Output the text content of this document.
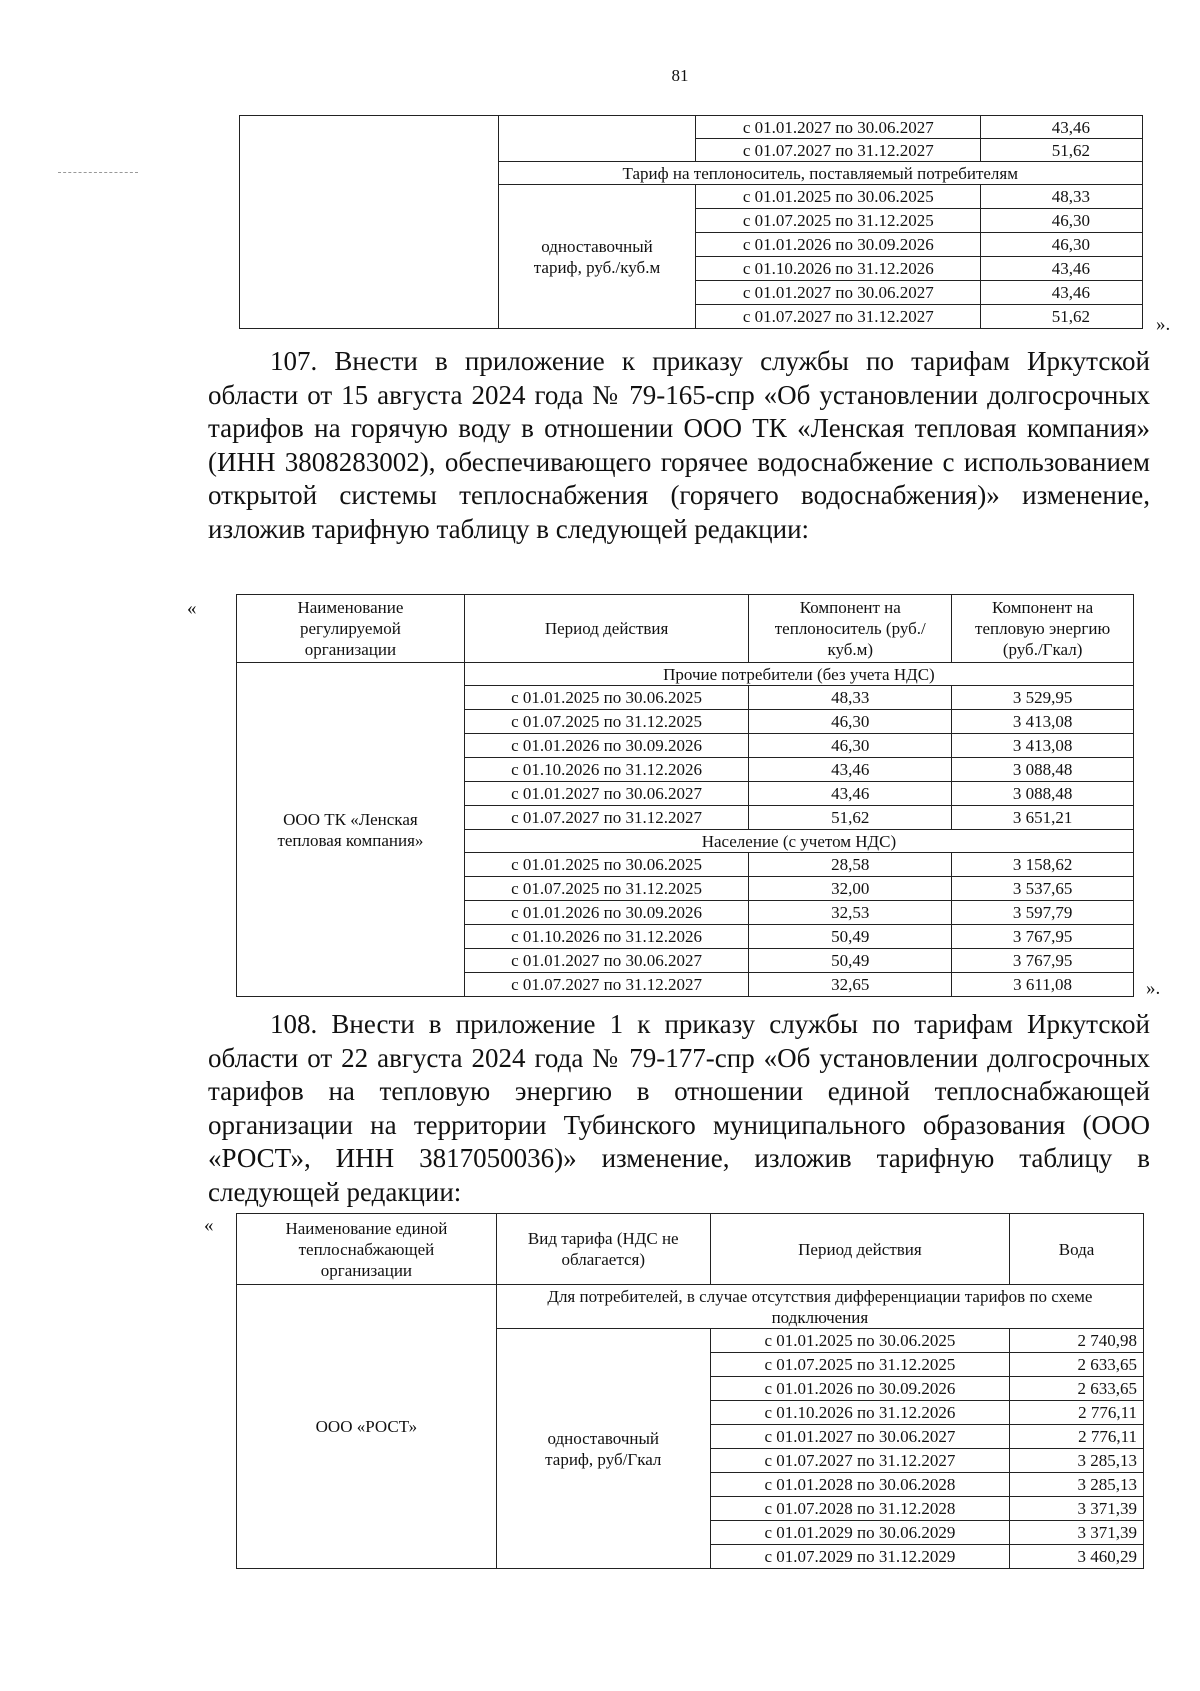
81
		с 01.01.2027 по 30.06.2027	43,46
		с 01.07.2027 по 31.12.2027	51,62
	Тариф на теплоноситель, поставляемый потребителям		
	одноставочный тариф, руб./куб.м	с 01.01.2025 по 30.06.2025	48,33
		с 01.07.2025 по 31.12.2025	46,30
		с 01.01.2026 по 30.09.2026	46,30
		с 01.10.2026 по 31.12.2026	43,46
		с 01.01.2027 по 30.06.2027	43,46
		с 01.07.2027 по 31.12.2027	51,62	».

107. Внести в приложение к приказу службы по тарифам Иркутской области от 15 августа 2024 года № 79-165-спр «Об установлении долгосрочных тарифов на горячую воду в отношении ООО ТК «Ленская тепловая компания» (ИНН 3808283002), обеспечивающего горячее водоснабжение с использованием открытой системы теплоснабжения (горячего водоснабжения)» изменение, изложив тарифную таблицу в следующей редакции:

«	Наименование регулируемой организации	Период действия	Компонент на теплоноситель (руб./куб.м)	Компонент на тепловую энергию (руб./Гкал)
ООО ТК «Ленская тепловая компания»	Прочие потребители (без учета НДС)		
	с 01.01.2025 по 30.06.2025	48,33	3 529,95
	с 01.07.2025 по 31.12.2025	46,30	3 413,08
	с 01.01.2026 по 30.09.2026	46,30	3 413,08
	с 01.10.2026 по 31.12.2026	43,46	3 088,48
	с 01.01.2027 по 30.06.2027	43,46	3 088,48
	с 01.07.2027 по 31.12.2027	51,62	3 651,21
	Население (с учетом НДС)		
	с 01.01.2025 по 30.06.2025	28,58	3 158,62
	с 01.07.2025 по 31.12.2025	32,00	3 537,65
	с 01.01.2026 по 30.09.2026	32,53	3 597,79
	с 01.10.2026 по 31.12.2026	50,49	3 767,95
	с 01.01.2027 по 30.06.2027	50,49	3 767,95
	с 01.07.2027 по 31.12.2027	32,65	3 611,08	».

108. Внести в приложение 1 к приказу службы по тарифам Иркутской области от 22 августа 2024 года № 79-177-спр «Об установлении долгосрочных тарифов на тепловую энергию в отношении единой теплоснабжающей организации на территории Тубинского муниципального образования (ООО «РОСТ», ИНН 3817050036)» изменение, изложив тарифную таблицу в следующей редакции:

«	Наименование единой теплоснабжающей организации	Вид тарифа (НДС не облагается)	Период действия	Вода
ООО «РОСТ»	Для потребителей, в случае отсутствия дифференциации тарифов по схеме подключения		
	одноставочный тариф, руб/Гкал	с 01.01.2025 по 30.06.2025	2 740,98
		с 01.07.2025 по 31.12.2025	2 633,65
		с 01.01.2026 по 30.09.2026	2 633,65
		с 01.10.2026 по 31.12.2026	2 776,11
		с 01.01.2027 по 30.06.2027	2 776,11
		с 01.07.2027 по 31.12.2027	3 285,13
		с 01.01.2028 по 30.06.2028	3 285,13
		с 01.07.2028 по 31.12.2028	3 371,39
		с 01.01.2029 по 30.06.2029	3 371,39
		с 01.07.2029 по 31.12.2029	3 460,29
